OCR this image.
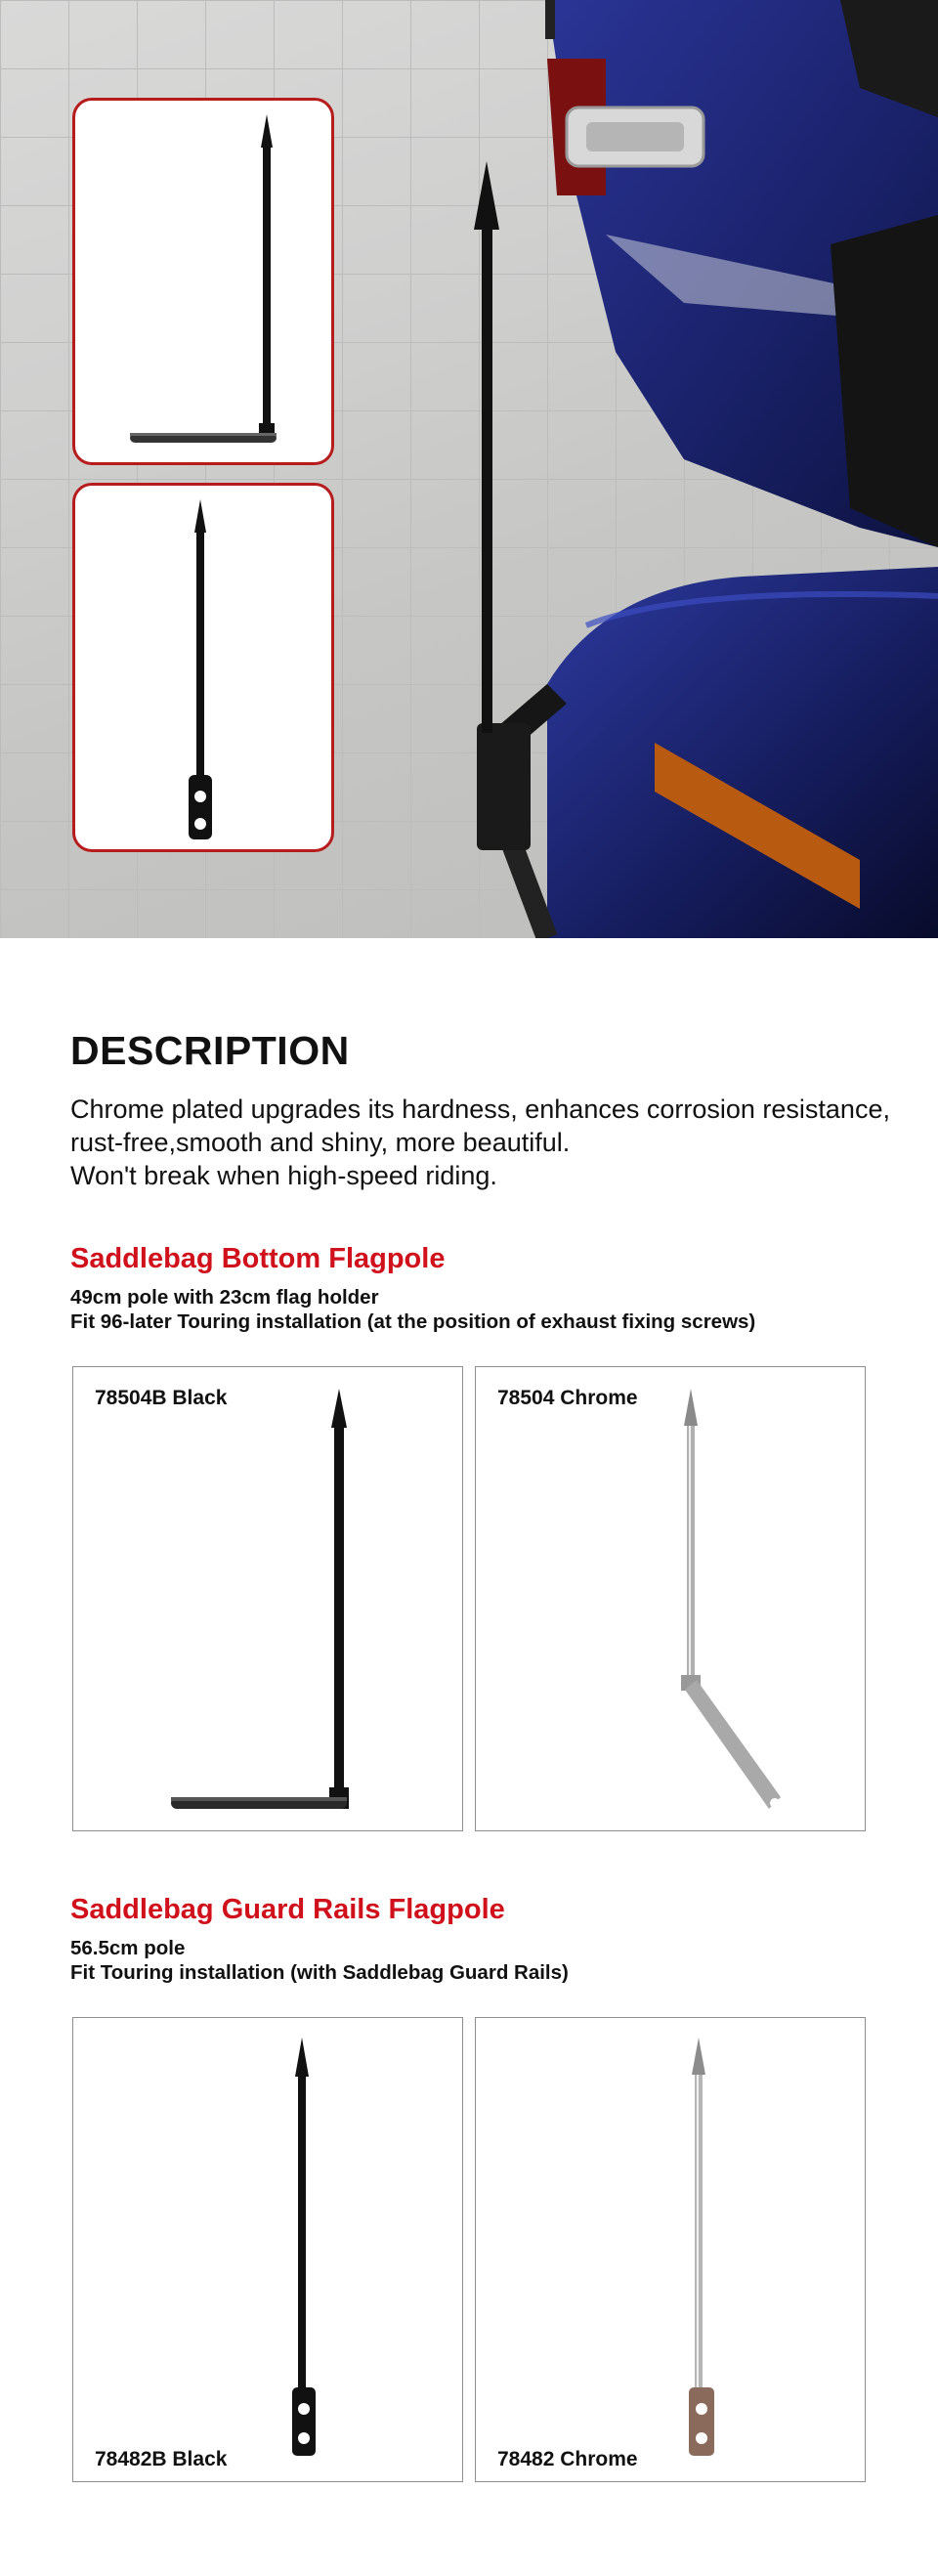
DESCRIPTION
Chrome plated upgrades its hardness, enhances corrosion resistance,
rust-free,smooth and shiny, more beautiful.
Won't break when high-speed riding.
Saddlebag Bottom Flagpole
49cm pole with 23cm flag holder
Fit 96-later Touring installation (at the position of exhaust fixing screws)
78504B Black	78504 Chrome
Saddlebag Guard Rails Flagpole
56.5cm pole
Fit Touring installation (with Saddlebag Guard Rails)
78482B Black	78482 Chrome
